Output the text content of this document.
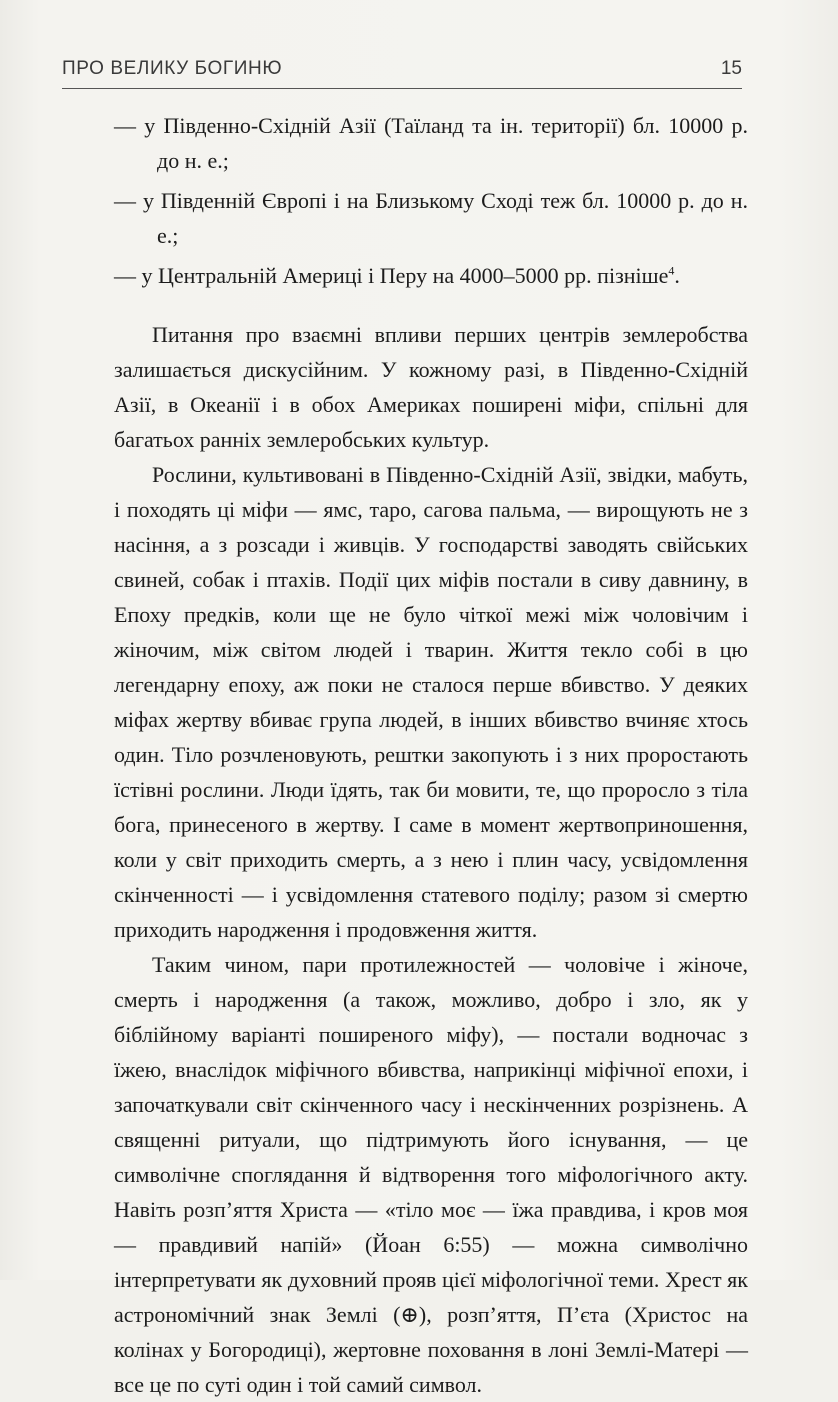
ПРО ВЕЛИКУ БОГИНЮ	15

— у Південно-Східній Азії (Таїланд та ін. території) бл. 10000 р. до н. е.;

— у Південній Європі і на Близькому Сході теж бл. 10000 р. до н. е.;

— у Центральній Америці і Перу на 4000–5000 рр. пізніше$^4$.

Питання про взаємні впливи перших центрів землеробства залишається дискусійним. У кожному разі, в Південно-Східній Азії, в Океанії і в обох Америках поширені міфи, спільні для багатьох ранніх землеробських культур.

Рослини, культивовані в Південно-Східній Азії, звідки, мабуть, і походять ці міфи — ямс, таро, сагова пальма, — вирощують не з насіння, а з розсади і живців. У господарстві заводять свійських свиней, собак і птахів. Події цих міфів постали в сиву давнину, в Епоху предків, коли ще не було чіткої межі між чоловічим і жіночим, між світом людей і тварин. Життя текло собі в цю легендарну епоху, аж поки не сталося перше вбивство. У деяких міфах жертву вбиває група людей, в інших вбивство вчиняє хтось один. Тіло розчленовують, рештки закопують і з них проростають їстівні рослини. Люди їдять, так би мовити, те, що проросло з тіла бога, принесеного в жертву. І саме в момент жертвоприношення, коли у світ приходить смерть, а з нею і плин часу, усвідомлення скінченності — і усвідомлення статевого поділу; разом зі смертю приходить народження і продовження життя.

Таким чином, пари протилежностей — чоловіче і жіноче, смерть і народження (а також, можливо, добро і зло, як у біблійному варіанті поширеного міфу), — постали водночас з їжею, внаслідок міфічного вбивства, наприкінці міфічної епохи, і започаткували світ скінченного часу і нескінченних розрізнень. А священні ритуали, що підтримують його існування, — це символічне споглядання й відтворення того міфологічного акту. Навіть розп’яття Христа — «тіло моє — їжа правдива, і кров моя — правдивий напій» (Йоан 6:55) — можна символічно інтерпретувати як духовний прояв цієї міфологічної теми. Хрест як астрономічний знак Землі (⊕), розп’яття, П’єта (Христос на колінах у Богородиці), жертовне поховання в лоні Землі-Матері — все це по суті один і той самий символ.
